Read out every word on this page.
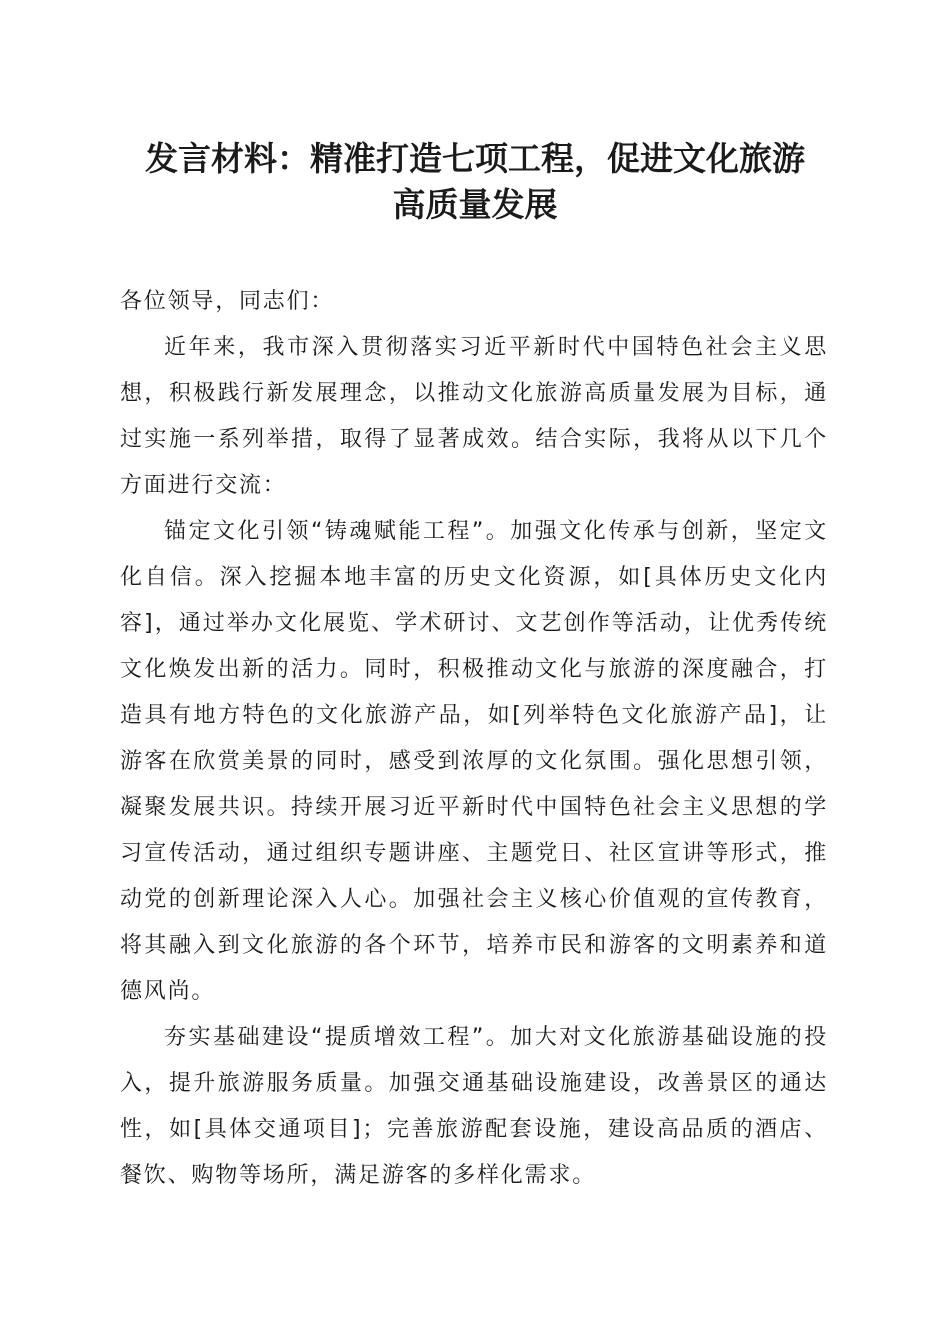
发言材料：精准打造七项工程，促进文化旅游
高质量发展

各位领导，同志们：

近年来，我市深入贯彻落实习近平新时代中国特色社会主义思想，积极践行新发展理念，以推动文化旅游高质量发展为目标，通过实施一系列举措，取得了显著成效。结合实际，我将从以下几个方面进行交流：

锚定文化引领“铸魂赋能工程”。加强文化传承与创新，坚定文化自信。深入挖掘本地丰富的历史文化资源，如[具体历史文化内容]，通过举办文化展览、学术研讨、文艺创作等活动，让优秀传统文化焕发出新的活力。同时，积极推动文化与旅游的深度融合，打造具有地方特色的文化旅游产品，如[列举特色文化旅游产品]，让游客在欣赏美景的同时，感受到浓厚的文化氛围。强化思想引领，凝聚发展共识。持续开展习近平新时代中国特色社会主义思想的学习宣传活动，通过组织专题讲座、主题党日、社区宣讲等形式，推动党的创新理论深入人心。加强社会主义核心价值观的宣传教育，将其融入到文化旅游的各个环节，培养市民和游客的文明素养和道德风尚。

夯实基础建设“提质增效工程”。加大对文化旅游基础设施的投入，提升旅游服务质量。加强交通基础设施建设，改善景区的通达性，如[具体交通项目]；完善旅游配套设施，建设高品质的酒店、餐饮、购物等场所，满足游客的多样化需求。
